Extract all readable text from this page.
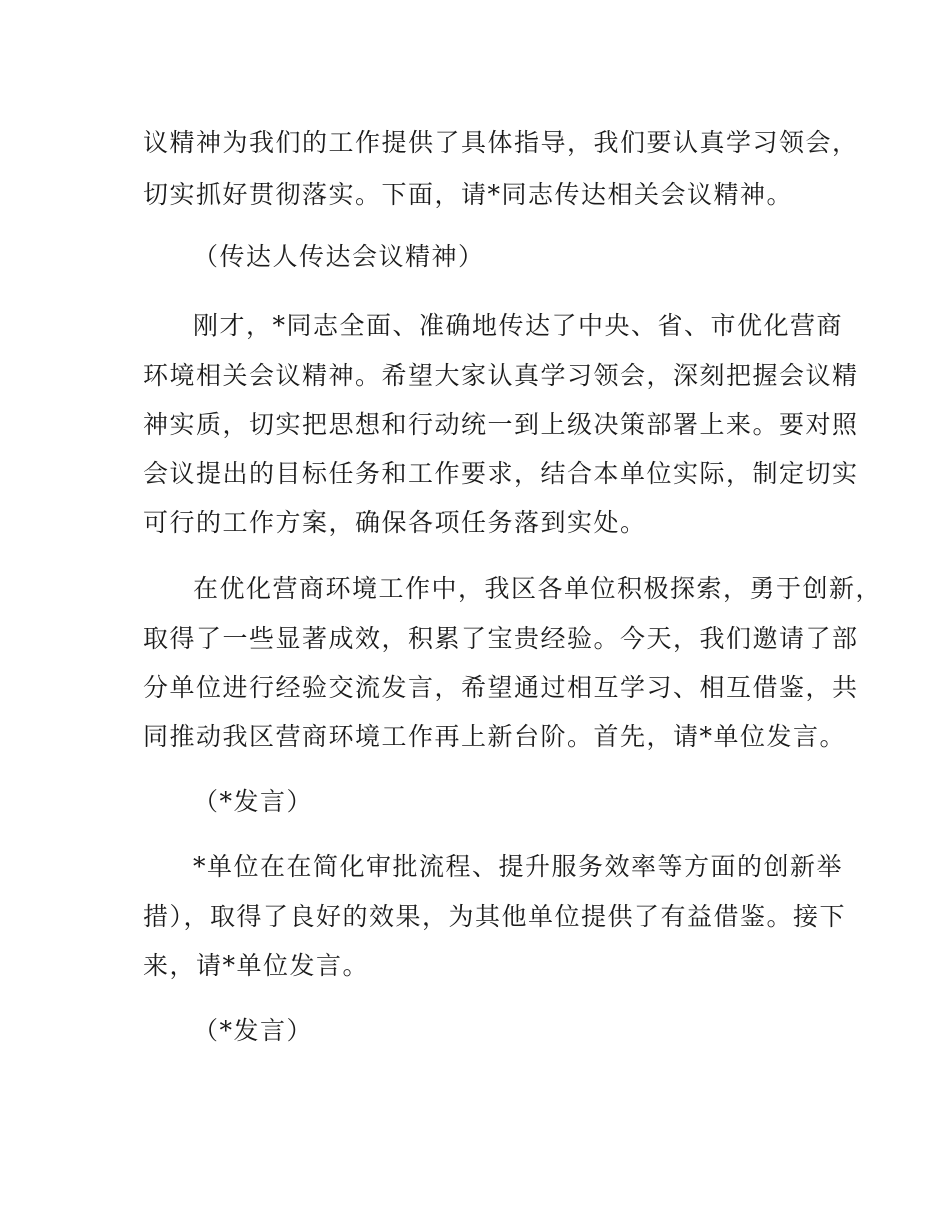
议精神为我们的工作提供了具体指导，我们要认真学习领会，
切实抓好贯彻落实。下面，请*同志传达相关会议精神。
（传达人传达会议精神）
刚才，*同志全面、准确地传达了中央、省、市优化营商
环境相关会议精神。希望大家认真学习领会，深刻把握会议精
神实质，切实把思想和行动统一到上级决策部署上来。要对照
会议提出的目标任务和工作要求，结合本单位实际，制定切实
可行的工作方案，确保各项任务落到实处。
在优化营商环境工作中，我区各单位积极探索，勇于创新，
取得了一些显著成效，积累了宝贵经验。今天，我们邀请了部
分单位进行经验交流发言，希望通过相互学习、相互借鉴，共
同推动我区营商环境工作再上新台阶。首先，请*单位发言。
（*发言）
*单位在在简化审批流程、提升服务效率等方面的创新举
措），取得了良好的效果，为其他单位提供了有益借鉴。接下
来，请*单位发言。
（*发言）
